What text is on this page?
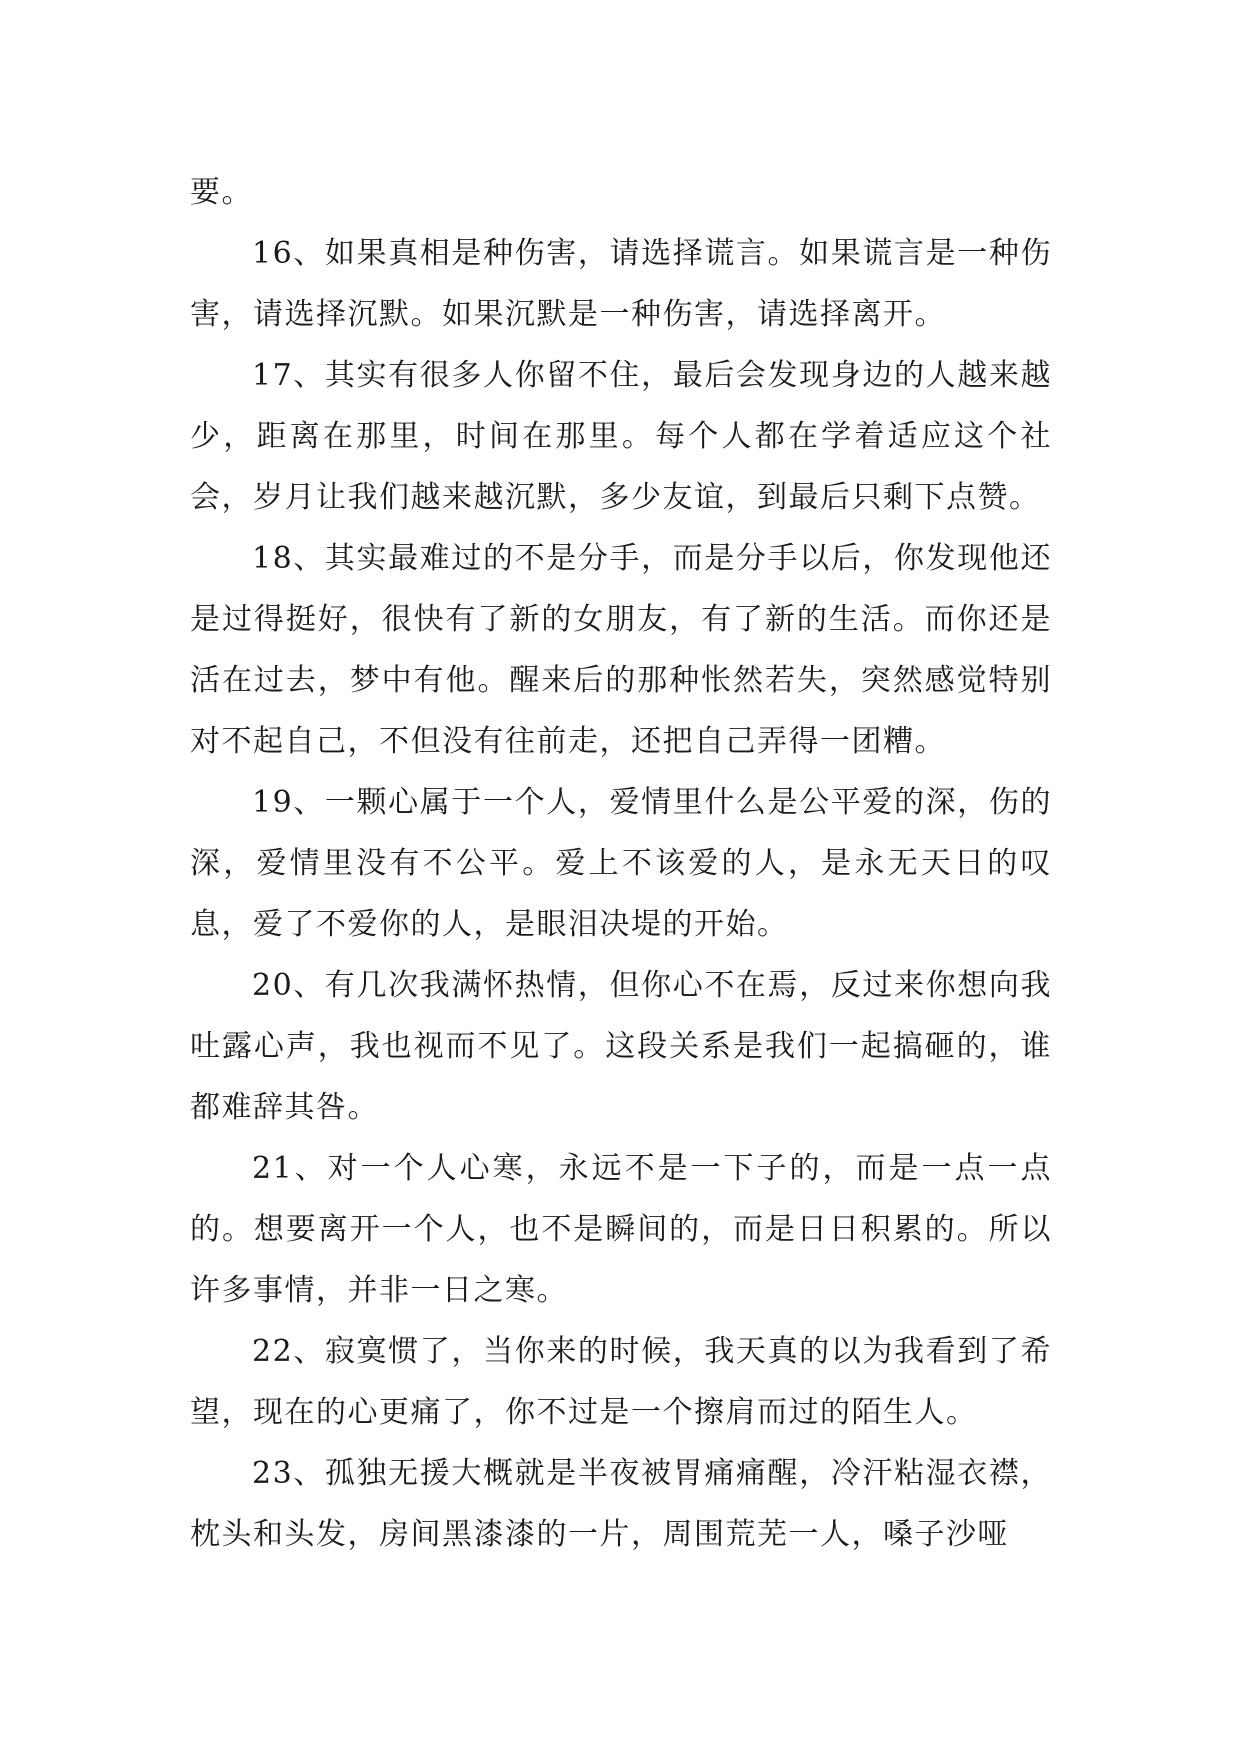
要。

16、如果真相是种伤害，请选择谎言。如果谎言是一种伤害，请选择沉默。如果沉默是一种伤害，请选择离开。

17、其实有很多人你留不住，最后会发现身边的人越来越少，距离在那里，时间在那里。每个人都在学着适应这个社会，岁月让我们越来越沉默，多少友谊，到最后只剩下点赞。

18、其实最难过的不是分手，而是分手以后，你发现他还是过得挺好，很快有了新的女朋友，有了新的生活。而你还是活在过去，梦中有他。醒来后的那种怅然若失，突然感觉特别对不起自己，不但没有往前走，还把自己弄得一团糟。

19、一颗心属于一个人，爱情里什么是公平爱的深，伤的深，爱情里没有不公平。爱上不该爱的人，是永无天日的叹息，爱了不爱你的人，是眼泪决堤的开始。

20、有几次我满怀热情，但你心不在焉，反过来你想向我吐露心声，我也视而不见了。这段关系是我们一起搞砸的，谁都难辞其咎。

21、对一个人心寒，永远不是一下子的，而是一点一点的。想要离开一个人，也不是瞬间的，而是日日积累的。所以许多事情，并非一日之寒。

22、寂寞惯了，当你来的时候，我天真的以为我看到了希望，现在的心更痛了，你不过是一个擦肩而过的陌生人。

23、孤独无援大概就是半夜被胃痛痛醒，冷汗粘湿衣襟，枕头和头发，房间黑漆漆的一片，周围荒芜一人，嗓子沙哑
